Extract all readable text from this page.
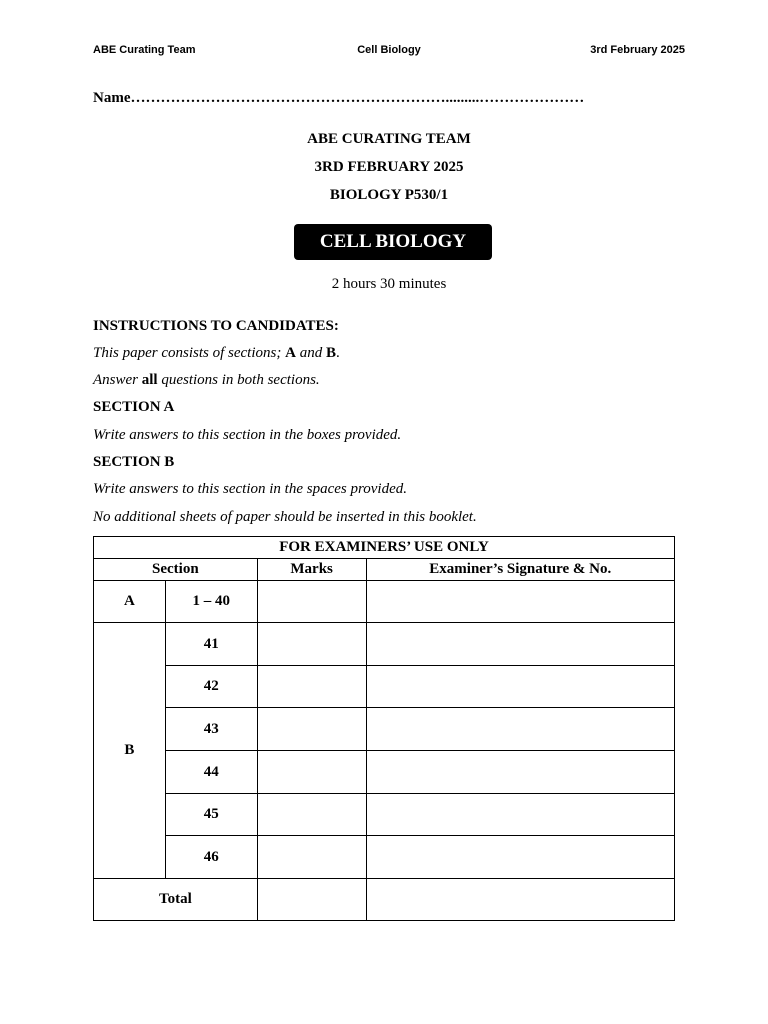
ABE Curating Team	Cell Biology	3rd February 2025
Name……………………………………………………….........…………………
ABE CURATING TEAM
3RD FEBRUARY 2025
BIOLOGY P530/1
CELL BIOLOGY
2 hours 30 minutes
INSTRUCTIONS TO CANDIDATES:
This paper consists of sections; A and B.
Answer all questions in both sections.
SECTION A
Write answers to this section in the boxes provided.
SECTION B
Write answers to this section in the spaces provided.
No additional sheets of paper should be inserted in this booklet.
FOR EXAMINERS’ USE ONLY			
Section		Marks	Examiner’s Signature & No.
A	1 – 40		
B	41		
	42		
	43		
	44		
	45		
	46		
Total			
